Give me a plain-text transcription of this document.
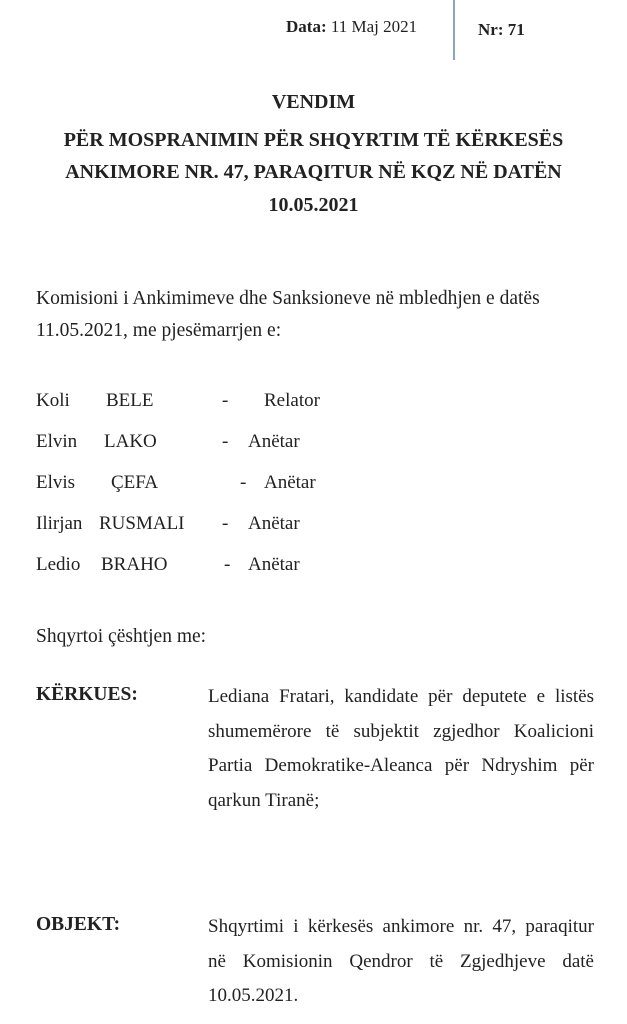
Data: 11 Maj 2021	Nr: 71
VENDIM
PËR MOSPRANIMIN PËR SHQYRTIM TË KËRKESËS
ANKIMORE NR. 47, PARAQITUR NË KQZ NË DATËN
10.05.2021
Komisioni i Ankimimeve dhe Sanksioneve në mbledhjen e datës
11.05.2021, me pjesëmarrjen e:
Koli BELE	- Relator
Elvin LAKO	- Anëtar
Elvis ÇEFA	- Anëtar
Ilirjan RUSMALI - Anëtar
Ledio BRAHO	- Anëtar
Shqyrtoi çështjen me:
KËRKUES:	Lediana Fratari, kandidate për deputete e listës
shumemërore të subjektit zgjedhor Koalicioni
Partia Demokratike-Aleanca për Ndryshim për
qarkun Tiranë;
OBJEKT:	Shqyrtimi i kërkesës ankimore nr. 47, paraqitur
në Komisionin Qendror të Zgjedhjeve datë
10.05.2021.
